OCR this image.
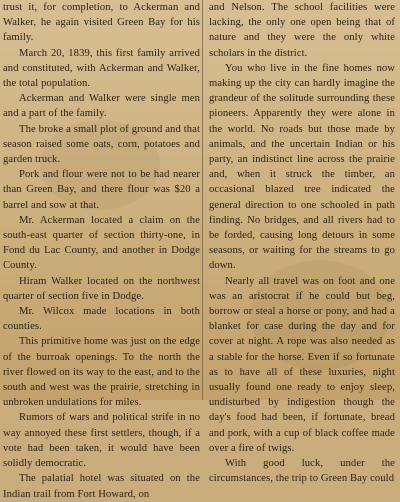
trust it, for completion, to Ackerman and Walker, he again visited Green Bay for his family.

March 20, 1839, this first family arrived and constituted, with Ackerman and Walker, the total population.

Ackerman and Walker were single men and a part of the family.

The broke a small plot of ground and that season raised some oats, corn, potatoes and garden truck.

Pork and flour were not to be had nearer than Green Bay, and there flour was $20 a barrel and sow at that.

Mr. Ackerman located a claim on the south-east quarter of section thirty-one, in Fond du Lac County, and another in Dodge County.

Hiram Walker located on the northwest quarter of section five in Dodge.

Mr. Wilcox made locations in both counties.

This primitive home was just on the edge of the burroak openings. To the north the river flowed on its way to the east, and to the south and west was the prairie, stretching in unbroken undulations for miles.

Rumors of wars and political strife in no way annoyed these first settlers, though, if a vote had been taken, it would have been solidly democratic.

The palatial hotel was situated on the Indian trail from Fort Howard, on

and Nelson. The school facilities were lacking, the only one open being that of nature and they were the only white scholars in the district.

You who live in the fine homes now making up the city can hardly imagine the grandeur of the solitude surrounding these pioneers. Apparently they were alone in the world. No roads but those made by animals, and the uncertain Indian or his party, an indistinct line across the prairie and, when it struck the timber, an occasional blazed tree indicated the general direction to one schooled in path finding. No bridges, and all rivers had to be forded, causing long detours in some seasons, or waiting for the streams to go down.

Nearly all travel was on foot and one was an aristocrat if he could but beg, borrow or steal a horse or pony, and had a blanket for case during the day and for cover at night. A rope was also needed as a stable for the horse. Even if so fortunate as to have all of these luxuries, night usually found one ready to enjoy sleep, undisturbed by indigestion though the day's food had been, if fortunate, bread and pork, with a cup of black coffee made over a fire of twigs.

With good luck, under the circumstances, the trip to Green Bay could
